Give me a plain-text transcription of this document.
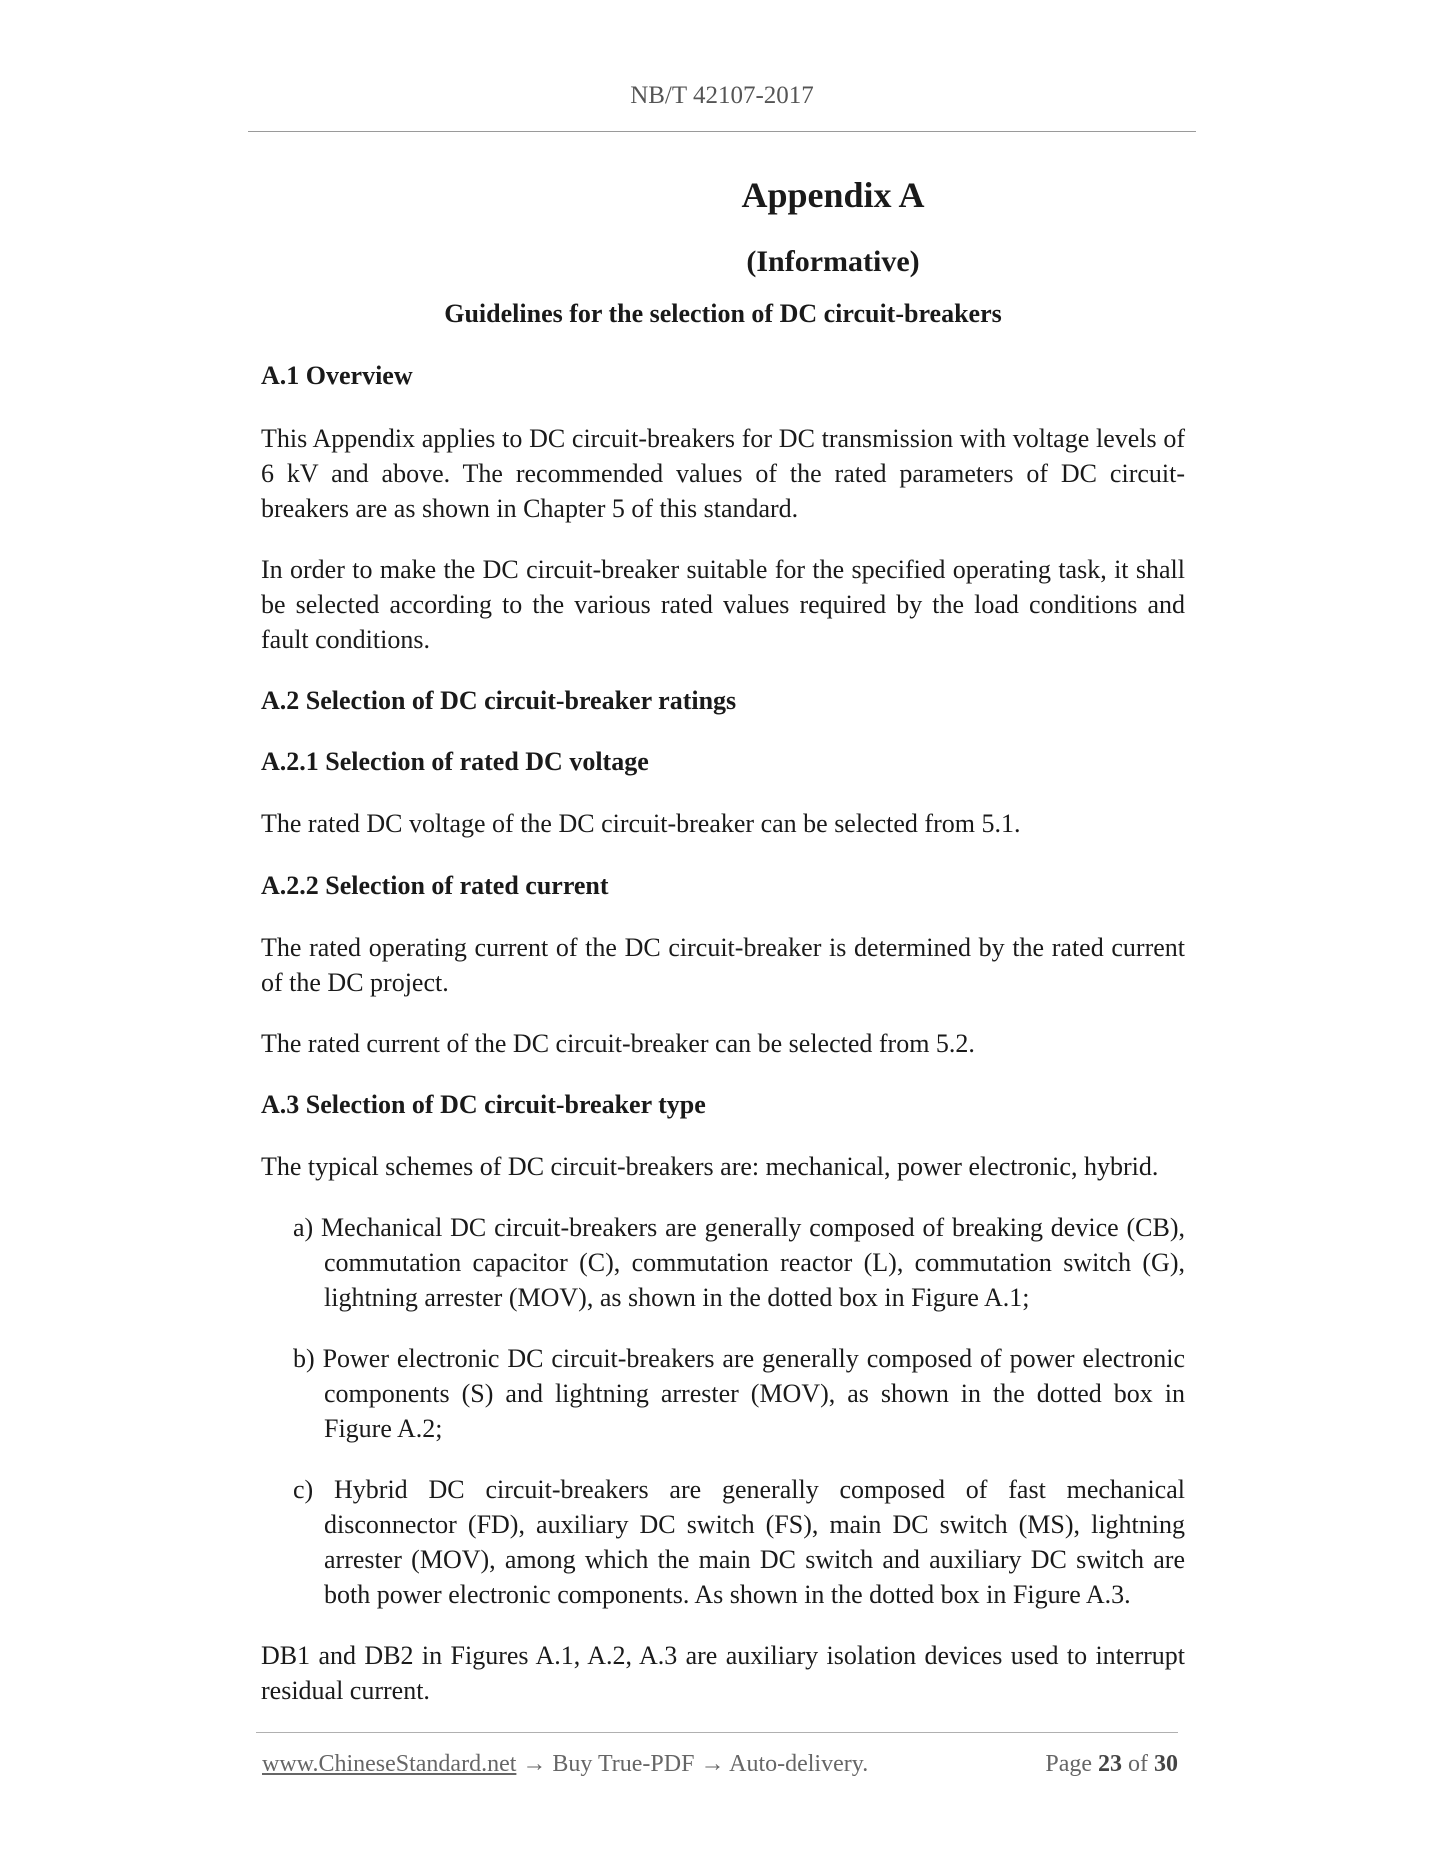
NB/T 42107-2017
Appendix A
(Informative)
Guidelines for the selection of DC circuit-breakers

A.1 Overview

This Appendix applies to DC circuit-breakers for DC transmission with voltage levels of 6 kV and above. The recommended values of the rated parameters of DC circuit-breakers are as shown in Chapter 5 of this standard.

In order to make the DC circuit-breaker suitable for the specified operating task, it shall be selected according to the various rated values required by the load conditions and fault conditions.

A.2 Selection of DC circuit-breaker ratings

A.2.1 Selection of rated DC voltage

The rated DC voltage of the DC circuit-breaker can be selected from 5.1.

A.2.2 Selection of rated current

The rated operating current of the DC circuit-breaker is determined by the rated current of the DC project.

The rated current of the DC circuit-breaker can be selected from 5.2.

A.3 Selection of DC circuit-breaker type

The typical schemes of DC circuit-breakers are: mechanical, power electronic, hybrid.

a) Mechanical DC circuit-breakers are generally composed of breaking device (CB), commutation capacitor (C), commutation reactor (L), commutation switch (G), lightning arrester (MOV), as shown in the dotted box in Figure A.1;

b) Power electronic DC circuit-breakers are generally composed of power electronic components (S) and lightning arrester (MOV), as shown in the dotted box in Figure A.2;

c) Hybrid DC circuit-breakers are generally composed of fast mechanical disconnector (FD), auxiliary DC switch (FS), main DC switch (MS), lightning arrester (MOV), among which the main DC switch and auxiliary DC switch are both power electronic components. As shown in the dotted box in Figure A.3.

DB1 and DB2 in Figures A.1, A.2, A.3 are auxiliary isolation devices used to interrupt residual current.

www.ChineseStandard.net → Buy True-PDF → Auto-delivery.	Page 23 of 30
